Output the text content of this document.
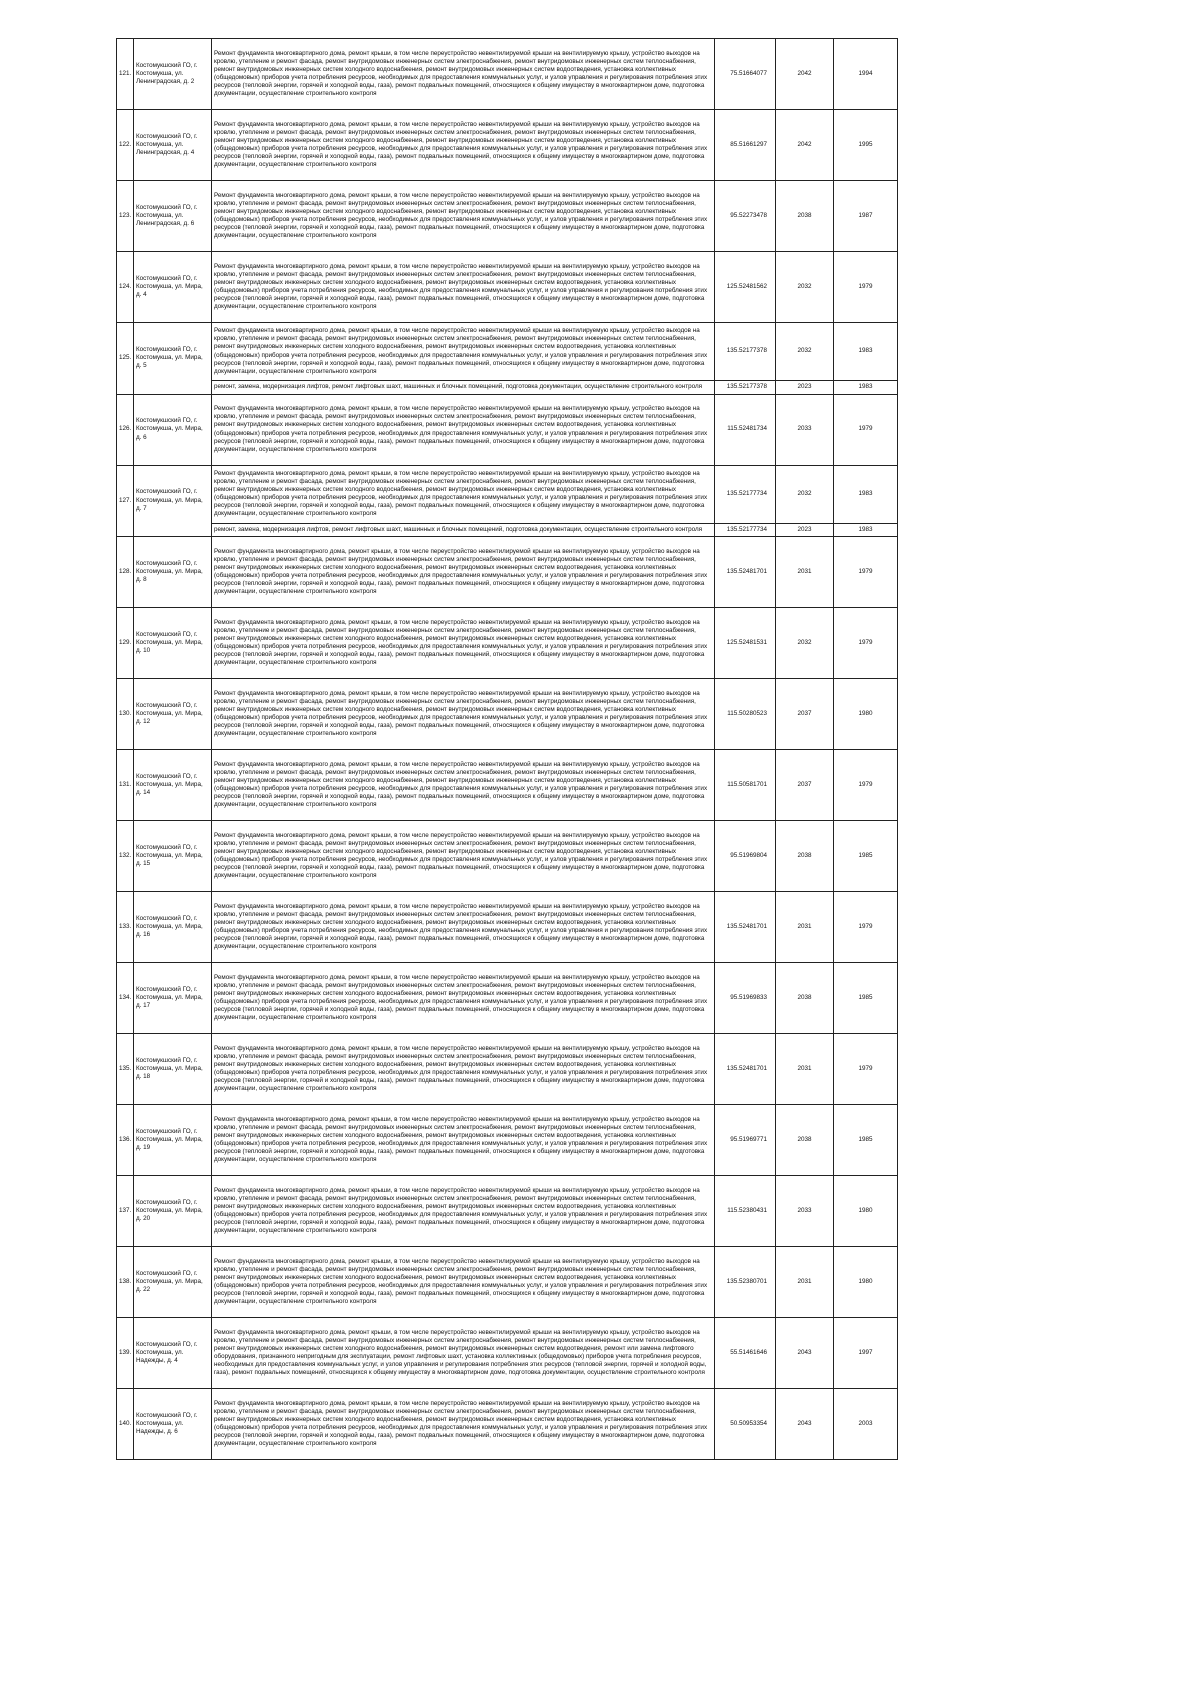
121.	Костомукшский ГО, г. Костомукша, ул. Ленинградская, д. 2	Ремонт фундамента многоквартирного дома, ремонт крыши, в том числе переустройство невентилируемой крыши на вентилируемую крышу, устройство выходов на кровлю, утепление и ремонт фасада, ремонт внутридомовых инженерных систем электроснабжения, ремонт внутридомовых инженерных систем теплоснабжения, ремонт внутридомовых инженерных систем холодного водоснабжения, ремонт внутридомовых инженерных систем водоотведения, установка коллективных (общедомовых) приборов учета потребления ресурсов, необходимых для предоставления коммунальных услуг, и узлов управления и регулирования потребления этих ресурсов (тепловой энергии, горячей и холодной воды, газа), ремонт подвальных помещений, относящихся к общему имуществу в многоквартирном доме, подготовка документации, осуществление строительного контроля	75.51664077	2042	1994
122.	Костомукшский ГО, г. Костомукша, ул. Ленинградская, д. 4	Ремонт фундамента многоквартирного дома, ремонт крыши, в том числе переустройство невентилируемой крыши на вентилируемую крышу, устройство выходов на кровлю, утепление и ремонт фасада, ремонт внутридомовых инженерных систем электроснабжения, ремонт внутридомовых инженерных систем теплоснабжения, ремонт внутридомовых инженерных систем холодного водоснабжения, ремонт внутридомовых инженерных систем водоотведения, установка коллективных (общедомовых) приборов учета потребления ресурсов, необходимых для предоставления коммунальных услуг, и узлов управления и регулирования потребления этих ресурсов (тепловой энергии, горячей и холодной воды, газа), ремонт подвальных помещений, относящихся к общему имуществу в многоквартирном доме, подготовка документации, осуществление строительного контроля	85.51661297	2042	1995
123.	Костомукшский ГО, г. Костомукша, ул. Ленинградская, д. 6	Ремонт фундамента многоквартирного дома, ремонт крыши, в том числе переустройство невентилируемой крыши на вентилируемую крышу, устройство выходов на кровлю, утепление и ремонт фасада, ремонт внутридомовых инженерных систем электроснабжения, ремонт внутридомовых инженерных систем теплоснабжения, ремонт внутридомовых инженерных систем холодного водоснабжения, ремонт внутридомовых инженерных систем водоотведения, установка коллективных (общедомовых) приборов учета потребления ресурсов, необходимых для предоставления коммунальных услуг, и узлов управления и регулирования потребления этих ресурсов (тепловой энергии, горячей и холодной воды, газа), ремонт подвальных помещений, относящихся к общему имуществу в многоквартирном доме, подготовка документации, осуществление строительного контроля	95.52273478	2038	1987
124.	Костомукшский ГО, г. Костомукша, ул. Мира, д. 4	Ремонт фундамента многоквартирного дома, ремонт крыши, в том числе переустройство невентилируемой крыши на вентилируемую крышу, устройство выходов на кровлю, утепление и ремонт фасада, ремонт внутридомовых инженерных систем электроснабжения, ремонт внутридомовых инженерных систем теплоснабжения, ремонт внутридомовых инженерных систем холодного водоснабжения, ремонт внутридомовых инженерных систем водоотведения, установка коллективных (общедомовых) приборов учета потребления ресурсов, необходимых для предоставления коммунальных услуг, и узлов управления и регулирования потребления этих ресурсов (тепловой энергии, горячей и холодной воды, газа), ремонт подвальных помещений, относящихся к общему имуществу в многоквартирном доме, подготовка документации, осуществление строительного контроля	125.52481562	2032	1979
125.	Костомукшский ГО, г. Костомукша, ул. Мира, д. 5	Ремонт фундамента многоквартирного дома, ремонт крыши, в том числе переустройство невентилируемой крыши на вентилируемую крышу, устройство выходов на кровлю, утепление и ремонт фасада, ремонт внутридомовых инженерных систем электроснабжения, ремонт внутридомовых инженерных систем теплоснабжения, ремонт внутридомовых инженерных систем холодного водоснабжения, ремонт внутридомовых инженерных систем водоотведения, установка коллективных (общедомовых) приборов учета потребления ресурсов, необходимых для предоставления коммунальных услуг, и узлов управления и регулирования потребления этих ресурсов (тепловой энергии, горячей и холодной воды, газа), ремонт подвальных помещений, относящихся к общему имуществу в многоквартирном доме, подготовка документации, осуществление строительного контроля	135.52177378	2032	1983
		ремонт, замена, модернизация лифтов, ремонт лифтовых шахт, машинных и блочных помещений, подготовка документации, осуществление строительного контроля	135.52177378	2023	1983
126.	Костомукшский ГО, г. Костомукша, ул. Мира, д. 6	Ремонт фундамента многоквартирного дома, ремонт крыши, в том числе переустройство невентилируемой крыши на вентилируемую крышу, устройство выходов на кровлю, утепление и ремонт фасада, ремонт внутридомовых инженерных систем электроснабжения, ремонт внутридомовых инженерных систем теплоснабжения, ремонт внутридомовых инженерных систем холодного водоснабжения, ремонт внутридомовых инженерных систем водоотведения, установка коллективных (общедомовых) приборов учета потребления ресурсов, необходимых для предоставления коммунальных услуг, и узлов управления и регулирования потребления этих ресурсов (тепловой энергии, горячей и холодной воды, газа), ремонт подвальных помещений, относящихся к общему имуществу в многоквартирном доме, подготовка документации, осуществление строительного контроля	115.52481734	2033	1979
127.	Костомукшский ГО, г. Костомукша, ул. Мира, д. 7	Ремонт фундамента многоквартирного дома, ремонт крыши, в том числе переустройство невентилируемой крыши на вентилируемую крышу, устройство выходов на кровлю, утепление и ремонт фасада, ремонт внутридомовых инженерных систем электроснабжения, ремонт внутридомовых инженерных систем теплоснабжения, ремонт внутридомовых инженерных систем холодного водоснабжения, ремонт внутридомовых инженерных систем водоотведения, установка коллективных (общедомовых) приборов учета потребления ресурсов, необходимых для предоставления коммунальных услуг, и узлов управления и регулирования потребления этих ресурсов (тепловой энергии, горячей и холодной воды, газа), ремонт подвальных помещений, относящихся к общему имуществу в многоквартирном доме, подготовка документации, осуществление строительного контроля	135.52177734	2032	1983
		ремонт, замена, модернизация лифтов, ремонт лифтовых шахт, машинных и блочных помещений, подготовка документации, осуществление строительного контроля	135.52177734	2023	1983
128.	Костомукшский ГО, г. Костомукша, ул. Мира, д. 8	Ремонт фундамента многоквартирного дома, ремонт крыши, в том числе переустройство невентилируемой крыши на вентилируемую крышу, устройство выходов на кровлю, утепление и ремонт фасада, ремонт внутридомовых инженерных систем электроснабжения, ремонт внутридомовых инженерных систем теплоснабжения, ремонт внутридомовых инженерных систем холодного водоснабжения, ремонт внутридомовых инженерных систем водоотведения, установка коллективных (общедомовых) приборов учета потребления ресурсов, необходимых для предоставления коммунальных услуг, и узлов управления и регулирования потребления этих ресурсов (тепловой энергии, горячей и холодной воды, газа), ремонт подвальных помещений, относящихся к общему имуществу в многоквартирном доме, подготовка документации, осуществление строительного контроля	135.52481701	2031	1979
129.	Костомукшский ГО, г. Костомукша, ул. Мира, д. 10	Ремонт фундамента многоквартирного дома, ремонт крыши, в том числе переустройство невентилируемой крыши на вентилируемую крышу, устройство выходов на кровлю, утепление и ремонт фасада, ремонт внутридомовых инженерных систем электроснабжения, ремонт внутридомовых инженерных систем теплоснабжения, ремонт внутридомовых инженерных систем холодного водоснабжения, ремонт внутридомовых инженерных систем водоотведения, установка коллективных (общедомовых) приборов учета потребления ресурсов, необходимых для предоставления коммунальных услуг, и узлов управления и регулирования потребления этих ресурсов (тепловой энергии, горячей и холодной воды, газа), ремонт подвальных помещений, относящихся к общему имуществу в многоквартирном доме, подготовка документации, осуществление строительного контроля	125.52481531	2032	1979
130.	Костомукшский ГО, г. Костомукша, ул. Мира, д. 12	Ремонт фундамента многоквартирного дома, ремонт крыши, в том числе переустройство невентилируемой крыши на вентилируемую крышу, устройство выходов на кровлю, утепление и ремонт фасада, ремонт внутридомовых инженерных систем электроснабжения, ремонт внутридомовых инженерных систем теплоснабжения, ремонт внутридомовых инженерных систем холодного водоснабжения, ремонт внутридомовых инженерных систем водоотведения, установка коллективных (общедомовых) приборов учета потребления ресурсов, необходимых для предоставления коммунальных услуг, и узлов управления и регулирования потребления этих ресурсов (тепловой энергии, горячей и холодной воды, газа), ремонт подвальных помещений, относящихся к общему имуществу в многоквартирном доме, подготовка документации, осуществление строительного контроля	115.50280523	2037	1980
131.	Костомукшский ГО, г. Костомукша, ул. Мира, д. 14	Ремонт фундамента многоквартирного дома, ремонт крыши, в том числе переустройство невентилируемой крыши на вентилируемую крышу, устройство выходов на кровлю, утепление и ремонт фасада, ремонт внутридомовых инженерных систем электроснабжения, ремонт внутридомовых инженерных систем теплоснабжения, ремонт внутридомовых инженерных систем холодного водоснабжения, ремонт внутридомовых инженерных систем водоотведения, установка коллективных (общедомовых) приборов учета потребления ресурсов, необходимых для предоставления коммунальных услуг, и узлов управления и регулирования потребления этих ресурсов (тепловой энергии, горячей и холодной воды, газа), ремонт подвальных помещений, относящихся к общему имуществу в многоквартирном доме, подготовка документации, осуществление строительного контроля	115.50581701	2037	1979
132.	Костомукшский ГО, г. Костомукша, ул. Мира, д. 15	Ремонт фундамента многоквартирного дома, ремонт крыши, в том числе переустройство невентилируемой крыши на вентилируемую крышу, устройство выходов на кровлю, утепление и ремонт фасада, ремонт внутридомовых инженерных систем электроснабжения, ремонт внутридомовых инженерных систем теплоснабжения, ремонт внутридомовых инженерных систем холодного водоснабжения, ремонт внутридомовых инженерных систем водоотведения, установка коллективных (общедомовых) приборов учета потребления ресурсов, необходимых для предоставления коммунальных услуг, и узлов управления и регулирования потребления этих ресурсов (тепловой энергии, горячей и холодной воды, газа), ремонт подвальных помещений, относящихся к общему имуществу в многоквартирном доме, подготовка документации, осуществление строительного контроля	95.51969804	2038	1985
133.	Костомукшский ГО, г. Костомукша, ул. Мира, д. 16	Ремонт фундамента многоквартирного дома, ремонт крыши, в том числе переустройство невентилируемой крыши на вентилируемую крышу, устройство выходов на кровлю, утепление и ремонт фасада, ремонт внутридомовых инженерных систем электроснабжения, ремонт внутридомовых инженерных систем теплоснабжения, ремонт внутридомовых инженерных систем холодного водоснабжения, ремонт внутридомовых инженерных систем водоотведения, установка коллективных (общедомовых) приборов учета потребления ресурсов, необходимых для предоставления коммунальных услуг, и узлов управления и регулирования потребления этих ресурсов (тепловой энергии, горячей и холодной воды, газа), ремонт подвальных помещений, относящихся к общему имуществу в многоквартирном доме, подготовка документации, осуществление строительного контроля	135.52481701	2031	1979
134.	Костомукшский ГО, г. Костомукша, ул. Мира, д. 17	Ремонт фундамента многоквартирного дома, ремонт крыши, в том числе переустройство невентилируемой крыши на вентилируемую крышу, устройство выходов на кровлю, утепление и ремонт фасада, ремонт внутридомовых инженерных систем электроснабжения, ремонт внутридомовых инженерных систем теплоснабжения, ремонт внутридомовых инженерных систем холодного водоснабжения, ремонт внутридомовых инженерных систем водоотведения, установка коллективных (общедомовых) приборов учета потребления ресурсов, необходимых для предоставления коммунальных услуг, и узлов управления и регулирования потребления этих ресурсов (тепловой энергии, горячей и холодной воды, газа), ремонт подвальных помещений, относящихся к общему имуществу в многоквартирном доме, подготовка документации, осуществление строительного контроля	95.51969833	2038	1985
135.	Костомукшский ГО, г. Костомукша, ул. Мира, д. 18	Ремонт фундамента многоквартирного дома, ремонт крыши, в том числе переустройство невентилируемой крыши на вентилируемую крышу, устройство выходов на кровлю, утепление и ремонт фасада, ремонт внутридомовых инженерных систем электроснабжения, ремонт внутридомовых инженерных систем теплоснабжения, ремонт внутридомовых инженерных систем холодного водоснабжения, ремонт внутридомовых инженерных систем водоотведения, установка коллективных (общедомовых) приборов учета потребления ресурсов, необходимых для предоставления коммунальных услуг, и узлов управления и регулирования потребления этих ресурсов (тепловой энергии, горячей и холодной воды, газа), ремонт подвальных помещений, относящихся к общему имуществу в многоквартирном доме, подготовка документации, осуществление строительного контроля	135.52481701	2031	1979
136.	Костомукшский ГО, г. Костомукша, ул. Мира, д. 19	Ремонт фундамента многоквартирного дома, ремонт крыши, в том числе переустройство невентилируемой крыши на вентилируемую крышу, устройство выходов на кровлю, утепление и ремонт фасада, ремонт внутридомовых инженерных систем электроснабжения, ремонт внутридомовых инженерных систем теплоснабжения, ремонт внутридомовых инженерных систем холодного водоснабжения, ремонт внутридомовых инженерных систем водоотведения, установка коллективных (общедомовых) приборов учета потребления ресурсов, необходимых для предоставления коммунальных услуг, и узлов управления и регулирования потребления этих ресурсов (тепловой энергии, горячей и холодной воды, газа), ремонт подвальных помещений, относящихся к общему имуществу в многоквартирном доме, подготовка документации, осуществление строительного контроля	95.51969771	2038	1985
137.	Костомукшский ГО, г. Костомукша, ул. Мира, д. 20	Ремонт фундамента многоквартирного дома, ремонт крыши, в том числе переустройство невентилируемой крыши на вентилируемую крышу, устройство выходов на кровлю, утепление и ремонт фасада, ремонт внутридомовых инженерных систем электроснабжения, ремонт внутридомовых инженерных систем теплоснабжения, ремонт внутридомовых инженерных систем холодного водоснабжения, ремонт внутридомовых инженерных систем водоотведения, установка коллективных (общедомовых) приборов учета потребления ресурсов, необходимых для предоставления коммунальных услуг, и узлов управления и регулирования потребления этих ресурсов (тепловой энергии, горячей и холодной воды, газа), ремонт подвальных помещений, относящихся к общему имуществу в многоквартирном доме, подготовка документации, осуществление строительного контроля	115.52380431	2033	1980
138.	Костомукшский ГО, г. Костомукша, ул. Мира, д. 22	Ремонт фундамента многоквартирного дома, ремонт крыши, в том числе переустройство невентилируемой крыши на вентилируемую крышу, устройство выходов на кровлю, утепление и ремонт фасада, ремонт внутридомовых инженерных систем электроснабжения, ремонт внутридомовых инженерных систем теплоснабжения, ремонт внутридомовых инженерных систем холодного водоснабжения, ремонт внутридомовых инженерных систем водоотведения, установка коллективных (общедомовых) приборов учета потребления ресурсов, необходимых для предоставления коммунальных услуг, и узлов управления и регулирования потребления этих ресурсов (тепловой энергии, горячей и холодной воды, газа), ремонт подвальных помещений, относящихся к общему имуществу в многоквартирном доме, подготовка документации, осуществление строительного контроля	135.52380701	2031	1980
139.	Костомукшский ГО, г. Костомукша, ул. Надежды, д. 4	Ремонт фундамента многоквартирного дома, ремонт крыши, в том числе переустройство невентилируемой крыши на вентилируемую крышу, устройство выходов на кровлю, утепление и ремонт фасада, ремонт внутридомовых инженерных систем электроснабжения, ремонт внутридомовых инженерных систем теплоснабжения, ремонт внутридомовых инженерных систем холодного водоснабжения, ремонт внутридомовых инженерных систем водоотведения, ремонт или замена лифтового оборудования, признанного непригодным для эксплуатации, ремонт лифтовых шахт, установка коллективных (общедомовых) приборов учета потребления ресурсов, необходимых для предоставления коммунальных услуг, и узлов управления и регулирования потребления этих ресурсов (тепловой энергии, горячей и холодной воды, газа), ремонт подвальных помещений, относящихся к общему имуществу в многоквартирном доме, подготовка документации, осуществление строительного контроля	55.51461646	2043	1997
140.	Костомукшский ГО, г. Костомукша, ул. Надежды, д. 6	Ремонт фундамента многоквартирного дома, ремонт крыши, в том числе переустройство невентилируемой крыши на вентилируемую крышу, устройство выходов на кровлю, утепление и ремонт фасада, ремонт внутридомовых инженерных систем электроснабжения, ремонт внутридомовых инженерных систем теплоснабжения, ремонт внутридомовых инженерных систем холодного водоснабжения, ремонт внутридомовых инженерных систем водоотведения, установка коллективных (общедомовых) приборов учета потребления ресурсов, необходимых для предоставления коммунальных услуг, и узлов управления и регулирования потребления этих ресурсов (тепловой энергии, горячей и холодной воды, газа), ремонт подвальных помещений, относящихся к общему имуществу в многоквартирном доме, подготовка документации, осуществление строительного контроля	50.50953354	2043	2003
